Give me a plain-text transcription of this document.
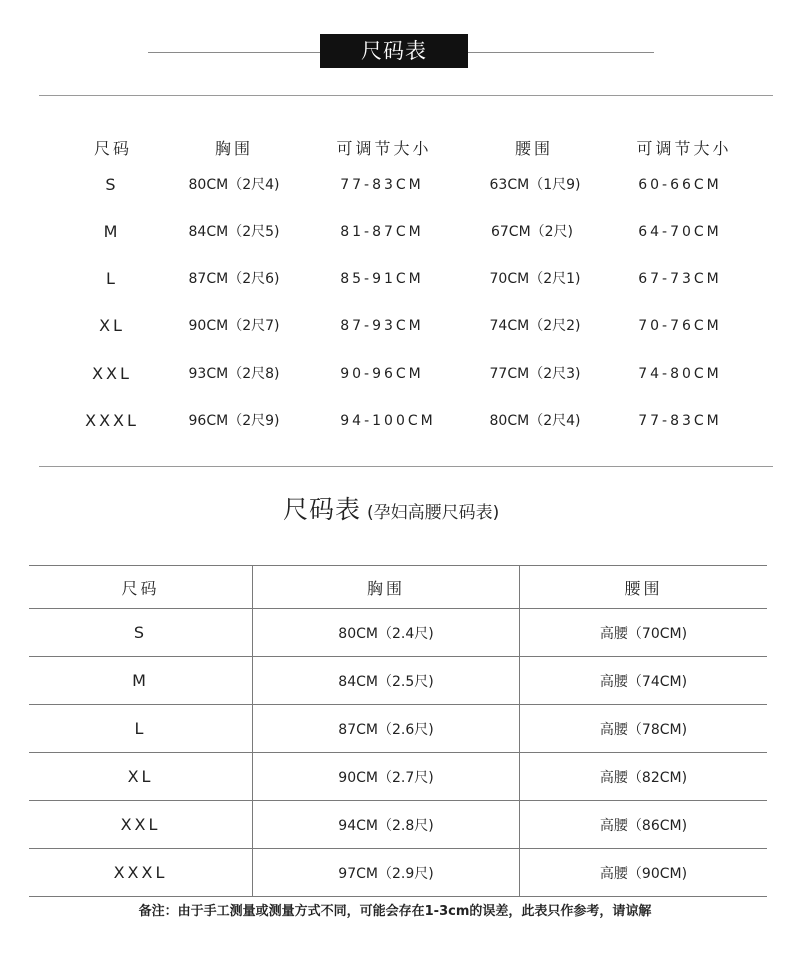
尺码表
尺码	胸围	可调节大小	腰围	可调节大小
S	80CM（2尺4)	77-83CM	63CM（1尺9)	60-66CM
M	84CM（2尺5)	81-87CM	67CM（2尺)	64-70CM
L	87CM（2尺6)	85-91CM	70CM（2尺1)	67-73CM
XL	90CM（2尺7)	87-93CM	74CM（2尺2)	70-76CM
XXL	93CM（2尺8)	90-96CM	77CM（2尺3)	74-80CM
XXXL	96CM（2尺9)	94-100CM	80CM（2尺4)	77-83CM
尺码表 (孕妇高腰尺码表)
尺码	胸围	腰围
S	80CM（2.4尺)	高腰（70CM)
M	84CM（2.5尺)	高腰（74CM)
L	87CM（2.6尺)	高腰（78CM)
XL	90CM（2.7尺)	高腰（82CM)
XXL	94CM（2.8尺)	高腰（86CM)
XXXL	97CM（2.9尺)	高腰（90CM)
备注：由于手工测量或测量方式不同，可能会存在1-3cm的误差，此表只作参考，请谅解
